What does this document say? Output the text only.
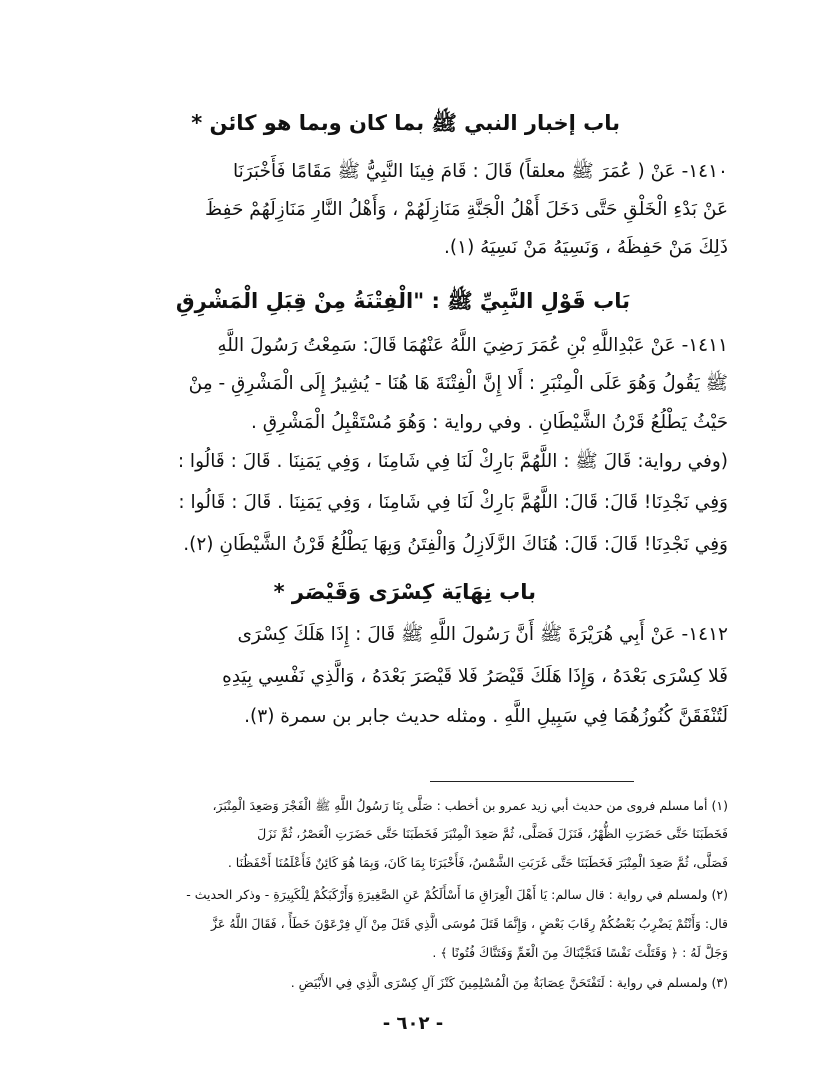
باب إخبار النبي ﷺ بما كان وبما هو كائن *
١٤١٠- عَنْ ( عُمَرَ ﷺ معلقاً) قَالَ : قَامَ فِينَا النَّبِيُّ ﷺ مَقَامًا فَأَخْبَرَنَا
عَنْ بَدْءِ الْخَلْقِ حَتَّى دَخَلَ أَهْلُ الْجَنَّةِ مَنَازِلَهُمْ ، وَأَهْلُ النَّارِ مَنَازِلَهُمْ حَفِظَ
ذَلِكَ مَنْ حَفِظَهُ ، وَنَسِيَهُ مَنْ نَسِيَهُ (١).
بَاب قَوْلِ النَّبِيِّ ﷺ : "الْفِتْنَةُ مِنْ قِبَلِ الْمَشْرِقِ
١٤١١- عَنْ عَبْدِاللَّهِ بْنِ عُمَرَ رَضِيَ اللَّهُ عَنْهُمَا قَالَ: سَمِعْتُ رَسُولَ اللَّهِ
ﷺ يَقُولُ وَهُوَ عَلَى الْمِنْبَرِ : أَلا إِنَّ الْفِتْنَةَ هَا هُنَا - يُشِيرُ إِلَى الْمَشْرِقِ - مِنْ
حَيْثُ يَطْلُعُ قَرْنُ الشَّيْطَانِ . وفي رواية : وَهُوَ مُسْتَقْبِلُ الْمَشْرِقِ .
(وفي رواية: قَالَ ﷺ : اللَّهُمَّ بَارِكْ لَنَا فِي شَامِنَا ، وَفِي يَمَنِنَا . قَالَ : قَالُوا :
وَفِي نَجْدِنَا! قَالَ: قَالَ: اللَّهُمَّ بَارِكْ لَنَا فِي شَامِنَا ، وَفِي يَمَنِنَا . قَالَ : قَالُوا :
وَفِي نَجْدِنَا! قَالَ: قَالَ: هُنَاكَ الزَّلَازِلُ وَالْفِتَنُ وَبِهَا يَطْلُعُ قَرْنُ الشَّيْطَانِ (٢).
باب نِهَايَة كِسْرَى وَقَيْصَر *
١٤١٢- عَنْ أَبِي هُرَيْرَةَ ﷺ أَنَّ رَسُولَ اللَّهِ ﷺ قَالَ : إِذَا هَلَكَ كِسْرَى
فَلا كِسْرَى بَعْدَهُ ، وَإِذَا هَلَكَ قَيْصَرُ فَلا قَيْصَرَ بَعْدَهُ ، وَالَّذِي نَفْسِي بِيَدِهِ
لَتُنْفَقَنَّ كُنُوزُهُمَا فِي سَبِيلِ اللَّهِ . ومثله حديث جابر بن سمرة (٣).
(١) أما مسلم فروى من حديث أبي زيد عمرو بن أخطب : صَلَّى بِنَا رَسُولُ اللَّهِ ﷺ الْفَجْرَ وَصَعِدَ الْمِنْبَرَ،
فَخَطَبَنَا حَتَّى حَضَرَتِ الظُّهْرُ، فَنَزَلَ فَصَلَّى، ثُمَّ صَعِدَ الْمِنْبَرَ فَخَطَبَنَا حَتَّى حَضَرَتِ الْعَصْرُ، ثُمَّ نَزَلَ
فَصَلَّى، ثُمَّ صَعِدَ الْمِنْبَرَ فَخَطَبَنَا حَتَّى غَرَبَتِ الشَّمْسُ، فَأَخْبَرَنَا بِمَا كَانَ، وَبِمَا هُوَ كَائِنٌ فَأَعْلَمُنَا أَحْفَظُنَا .
(٢) ولمسلم في رواية : قال سالم: يَا أَهْلَ الْعِرَاقِ مَا أَسْأَلَكُمْ عَنِ الصَّغِيرَةِ وَأَرْكَبَكُمْ لِلْكَبِيرَةِ - وذكر الحديث -
قال: وَأَنْتُمْ يَضْرِبُ بَعْضُكُمْ رِقَابَ بَعْضٍ ، وَإِنَّمَا قَتَلَ مُوسَى الَّذِي قَتَلَ مِنْ آلِ فِرْعَوْنَ خَطَأً ، فَقَالَ اللَّهُ عَزَّ
وَجَلَّ لَهُ : ﴿ وَقَتَلْتَ نَفْسًا فَنَجَّيْنَاكَ مِنَ الْغَمِّ وَفَتَنَّاكَ فُتُونًا ﴾ .
(٣) ولمسلم في رواية : لَتَفْتَحَنَّ عِصَابَةٌ مِنَ الْمُسْلِمِينَ كَنْزَ آلِ كِسْرَى الَّذِي فِي الأَبْيَضِ .
- ٦٠٢ -
